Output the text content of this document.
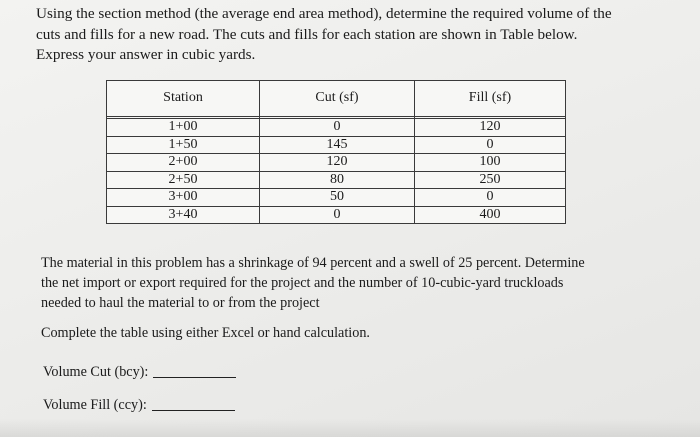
Using the section method (the average end area method), determine the required volume of the
cuts and fills for a new road. The cuts and fills for each station are shown in Table below.
Express your answer in cubic yards.
Station	Cut (sf)	Fill (sf)

1+00	0	120
1+50	145	0
2+00	120	100
2+50	80	250
3+00	50	0
3+40	0	400
The material in this problem has a shrinkage of 94 percent and a swell of 25 percent. Determine
the net import or export required for the project and the number of 10-cubic-yard truckloads
needed to haul the material to or from the project
Complete the table using either Excel or hand calculation.
Volume Cut (bcy):
Volume Fill (ccy):
